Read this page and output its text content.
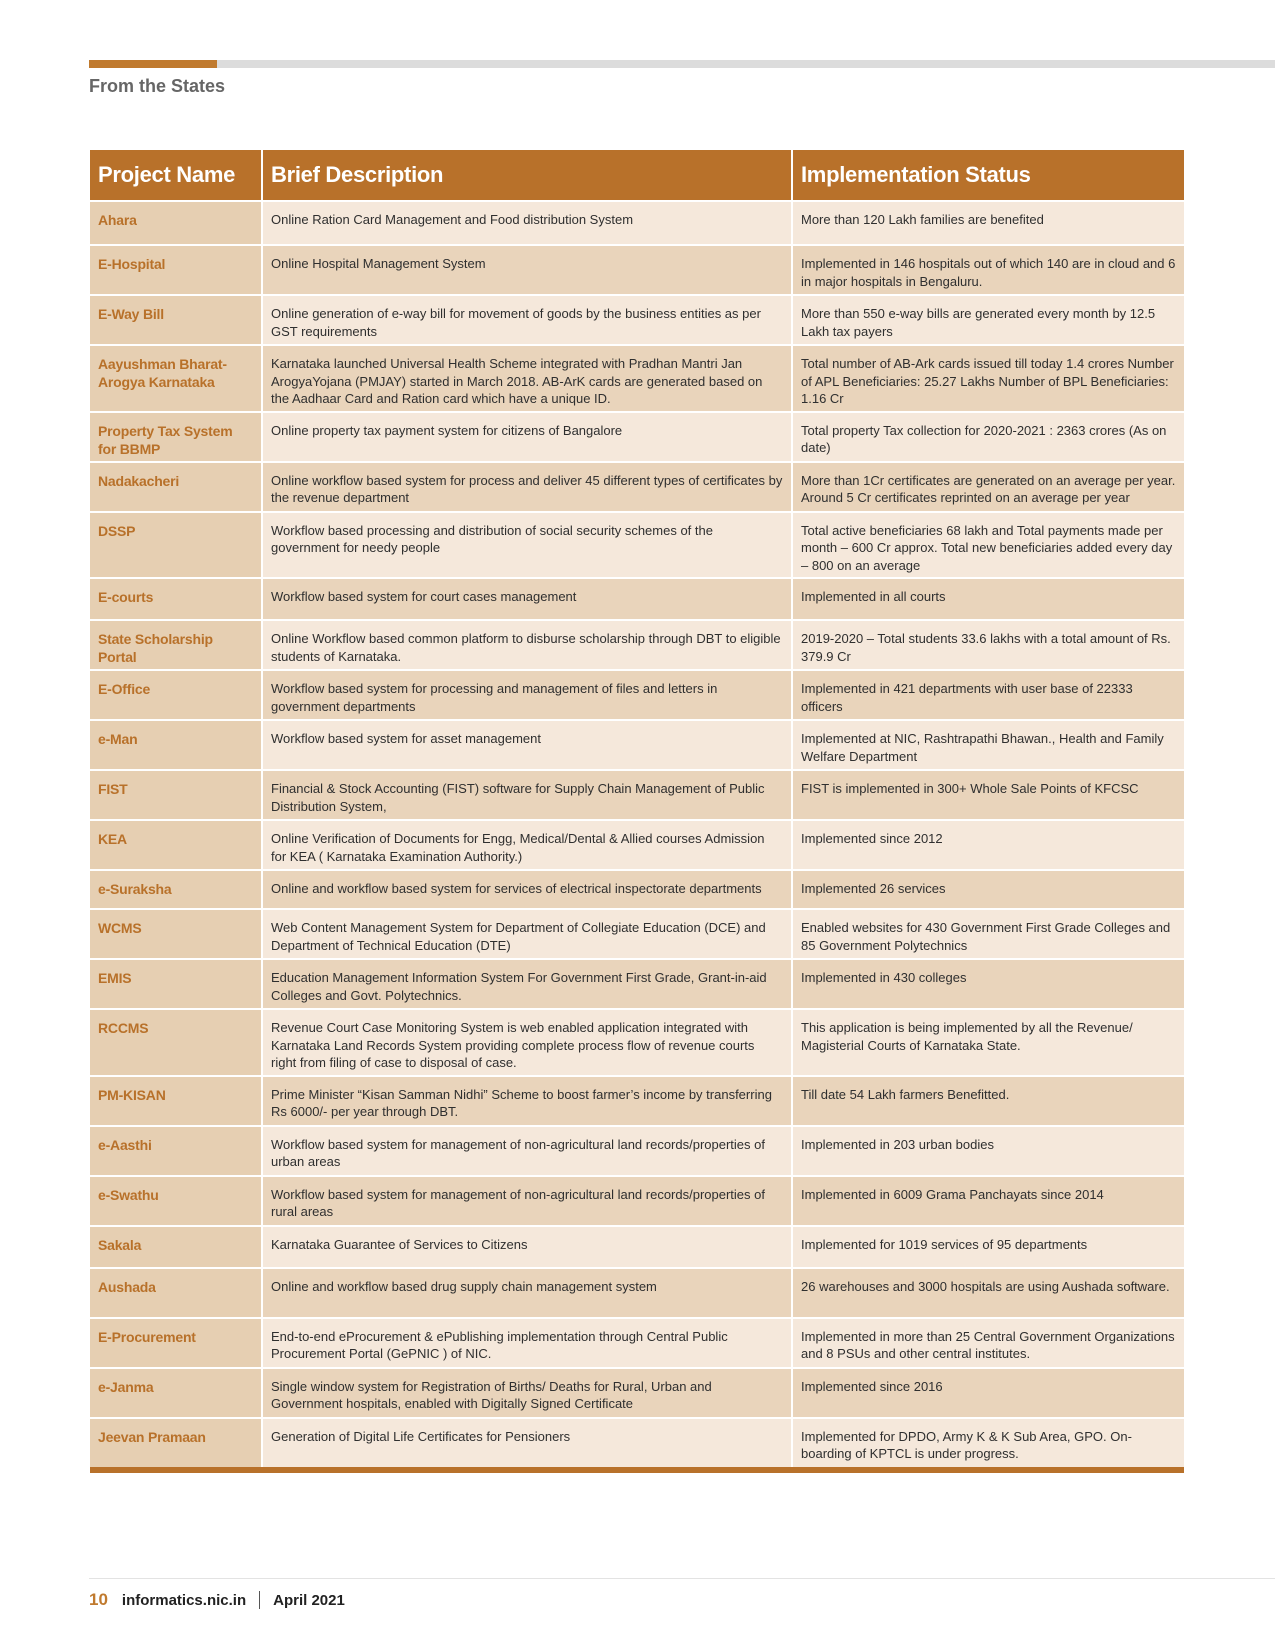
From the States
Project Name	Brief Description	Implementation Status
Ahara	Online Ration Card Management and Food distribution System	More than 120 Lakh families are benefited
E-Hospital	Online Hospital Management System	Implemented in 146 hospitals out of which 140 are in cloud and 6 in major hospitals in Bengaluru.
E-Way Bill	Online generation of e-way bill for movement of goods by the business entities as per GST requirements	More than 550 e-way bills are generated every month by 12.5 Lakh tax payers
Aayushman Bharat-Arogya Karnataka	Karnataka launched Universal Health Scheme integrated with Pradhan Mantri Jan ArogyaYojana (PMJAY) started in March 2018. AB-ArK cards are generated based on the Aadhaar Card and Ration card which have a unique ID.	Total number of AB-Ark cards issued till today 1.4 crores Number of APL Beneficiaries: 25.27 Lakhs Number of BPL Beneficiaries: 1.16 Cr
Property Tax System for BBMP	Online property tax payment system for citizens of Bangalore	Total property Tax collection for 2020-2021 : 2363 crores (As on date)
Nadakacheri	Online workflow based system for process and deliver 45 different types of certificates by the revenue department	More than 1Cr certificates are generated on an average per year. Around 5 Cr certificates reprinted on an average per year
DSSP	Workflow based processing and distribution of social security schemes of the government for needy people	Total active beneficiaries 68 lakh and Total payments made per month – 600 Cr approx. Total new beneficiaries added every day – 800 on an average
E-courts	Workflow based system for court cases management	Implemented in all courts
State Scholarship Portal	Online Workflow based common platform to disburse scholarship through DBT to eligible students of Karnataka.	2019-2020 – Total students 33.6 lakhs with a total amount of Rs. 379.9 Cr
E-Office	Workflow based system for processing and management of files and letters in government departments	Implemented in 421 departments with user base of 22333 officers
e-Man	Workflow based system for asset management	Implemented at NIC, Rashtrapathi Bhawan., Health and Family Welfare Department
FIST	Financial & Stock Accounting (FIST) software for Supply Chain Management of Public Distribution System,	FIST is implemented in 300+ Whole Sale Points of KFCSC
KEA	Online Verification of Documents for Engg, Medical/Dental & Allied courses Admission for KEA ( Karnataka Examination Authority.)	Implemented since 2012
e-Suraksha	Online and workflow based system for services of electrical inspectorate departments	Implemented 26 services
WCMS	Web Content Management System for Department of Collegiate Education (DCE) and Department of Technical Education (DTE)	Enabled websites for 430 Government First Grade Colleges and 85 Government Polytechnics
EMIS	Education Management Information System For Government First Grade, Grant-in-aid Colleges and Govt. Polytechnics.	Implemented in 430 colleges
RCCMS	Revenue Court Case Monitoring System is web enabled application integrated with Karnataka Land Records System providing complete process flow of revenue courts right from filing of case to disposal of case.	This application is being implemented by all the Revenue/ Magisterial Courts of Karnataka State.
PM-KISAN	Prime Minister “Kisan Samman Nidhi” Scheme to boost farmer’s income by transferring Rs 6000/- per year through DBT.	Till date 54 Lakh farmers Benefitted.
e-Aasthi	Workflow based system for management of non-agricultural land records/properties of urban areas	Implemented in 203 urban bodies
e-Swathu	Workflow based system for management of non-agricultural land records/properties of rural areas	Implemented in 6009 Grama Panchayats since 2014
Sakala	Karnataka Guarantee of Services to Citizens	Implemented for 1019 services of 95 departments
Aushada	Online and workflow based drug supply chain management system	26 warehouses and 3000 hospitals are using Aushada software.
E-Procurement	End-to-end eProcurement & ePublishing implementation through Central Public Procurement Portal (GePNIC ) of NIC.	Implemented in more than 25 Central Government Organizations and 8 PSUs and other central institutes.
e-Janma	Single window system for Registration of Births/ Deaths for Rural, Urban and Government hospitals, enabled with Digitally Signed Certificate	Implemented since 2016
Jeevan Pramaan	Generation of Digital Life Certificates for Pensioners	Implemented for DPDO, Army K & K Sub Area, GPO. On-boarding of KPTCL is under progress.
10 informatics.nic.in April 2021
